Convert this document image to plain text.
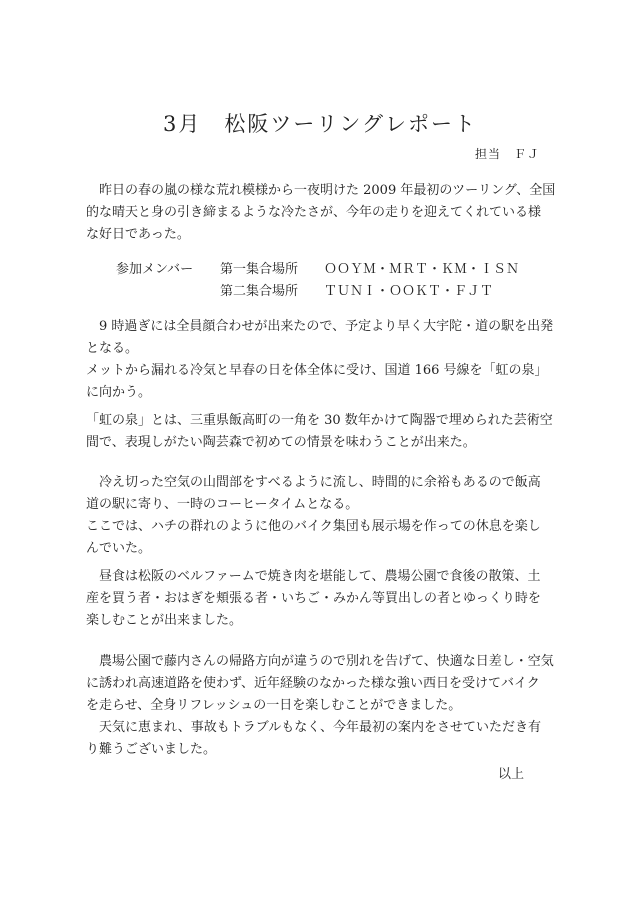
3月　松阪ツーリングレポート
担当　ＦＪ
　昨日の春の嵐の様な荒れ模様から一夜明けた 2009 年最初のツーリング、全国
的な晴天と身の引き締まるような冷たさが、今年の走りを迎えてくれている様
な好日であった。
参加メンバー 第一集合場所 ＯＯＹＭ・ＭＲＴ・ＫＭ・ＩＳＮ
第二集合場所 ＴＵＮＩ・ＯＯＫＴ・ＦＪＴ
　9 時過ぎには全員顔合わせが出来たので、予定より早く大宇陀・道の駅を出発
となる。
メットから漏れる冷気と早春の日を体全体に受け、国道 166 号線を「虹の泉」
に向かう。
「虹の泉」とは、三重県飯高町の一角を 30 数年かけて陶器で埋められた芸術空
間で、表現しがたい陶芸森で初めての情景を味わうことが出来た。
　冷え切った空気の山間部をすべるように流し、時間的に余裕もあるので飯高
道の駅に寄り、一時のコーヒータイムとなる。
ここでは、ハチの群れのように他のバイク集団も展示場を作っての休息を楽し
んでいた。
　昼食は松阪のベルファームで焼き肉を堪能して、農場公園で食後の散策、土
産を買う者・おはぎを頬張る者・いちご・みかん等買出しの者とゆっくり時を
楽しむことが出来ました。
　農場公園で藤内さんの帰路方向が違うので別れを告げて、快適な日差し・空気
に誘われ高速道路を使わず、近年経験のなかった様な強い西日を受けてバイク
を走らせ、全身リフレッシュの一日を楽しむことができました。
　天気に恵まれ、事故もトラブルもなく、今年最初の案内をさせていただき有
り難うございました。
以上
